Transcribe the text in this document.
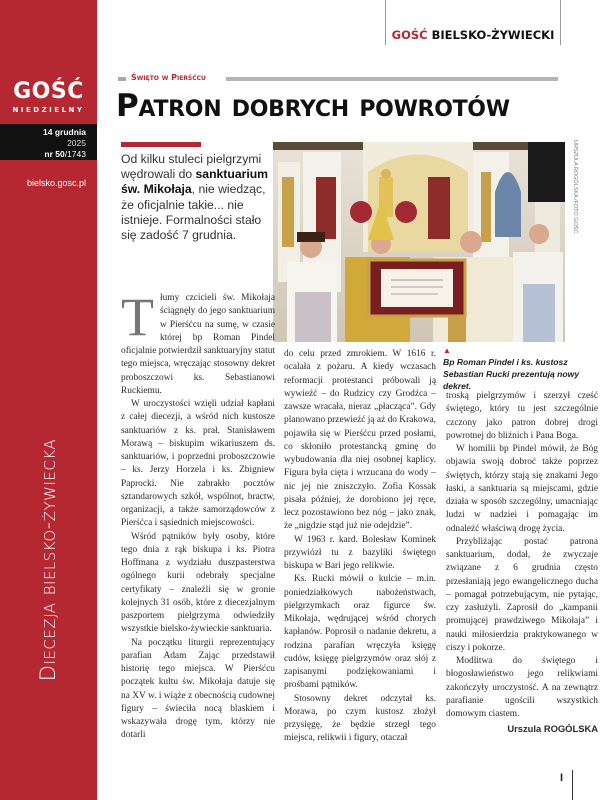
GOŚĆ
NIEDZIELNY
14 grudnia
2025
nr 50/1743
bielsko.gosc.pl
Diecezja bielsko-żywiecka
GOŚĆ BIELSKO-ŻYWIECKI
Święto w Pierśćcu
Patron dobrych powrotów
Od kilku stuleci pielgrzymi wędrowali do sanktuarium św. Mikołaja, nie wiedząc, że oficjalnie takie... nie istnieje. Formalności stało się zadość 7 grudnia.
URSZULA ROGÓLSKA /FOTO GOŚĆ
▲
Bp Roman Pindel i ks. kustosz Sebastian Rucki prezentują nowy dekret.
T łumy czcicieli św. Mikołaja ściągnęły do jego sanktuarium w Pierśćcu na sumę, w czasie której bp Roman Pindel oficjalnie potwierdził sanktuaryjny statut tego miejsca, wręczając stosowny dekret proboszczowi ks. Sebastianowi Ruckiemu.

W uroczystości wzięli udział kapłani z całej diecezji, a wśród nich kustosze sanktuariów z ks. prał. Stanisławem Morawą – biskupim wikariuszem ds. sanktuariów, i poprzedni proboszczowie – ks. Jerzy Horzela i ks. Zbigniew Paprocki. Nie zabrakło pocztów sztandarowych szkół, wspólnot, bractw, organizacji, a także samorządowców z Pierśćca i sąsiednich miejscowości.

Wśród pątników były osoby, które tego dnia z rąk biskupa i ks. Piotra Hoffmana z wydziału duszpasterstwa ogólnego kurii odebrały specjalne certyfikaty – znaleźli się w gronie kolejnych 31 osób, które z diecezjalnym paszportem pielgrzyma odwiedziły wszystkie bielsko-żywieckie sanktuaria.

Na początku liturgii reprezentujący parafian Adam Zając przedstawił historię tego miejsca. W Pierśćcu początek kultu św. Mikołaja datuje się na XV w. i wiąże z obecnością cudownej figury – świeciła nocą blaskiem i wskazywała drogę tym, którzy nie dotarli

do celu przed zmrokiem. W 1616 r. ocalała z pożaru. A kiedy wczasach reformacji protestanci próbowali ją wywieźć – do Rudzicy czy Grodźca – zawsze wracała, nieraz „płacząca”. Gdy planowano przewieźć ją aż do Krakowa, pojawiła się w Pierśćcu przed posłami, co skłoniło protestancką gminę do wybudowania dla niej osobnej kaplicy. Figura była cięta i wrzucana do wody – nic jej nie zniszczyło. Zofia Kossak pisała później, że dorobiono jej ręce, lecz pozostawiono bez nóg – jako znak, że „nigdzie stąd już nie odejdzie”.

W 1963 r. kard. Bolesław Kominek przywiózł tu z bazyliki świętego biskupa w Bari jego relikwie.

Ks. Rucki mówił o kulcie – m.in. poniedziałkowych nabożeństwach, pielgrzymkach oraz figurce św. Mikołaja, wędrującej wśród chorych kapłanów. Poprosił o nadanie dekretu, a rodzina parafian wręczyła księgę cudów, księgę pielgrzymów oraz słój z zapisanymi podziękowaniami i prośbami pątników.

Stosowny dekret odczytał ks. Morawa, po czym kustosz złożył przysięgę, że będzie strzegł tego miejsca, relikwii i figury, otaczał

troską pielgrzymów i szerzył cześć świętego, który tu jest szczególnie czczony jako patron dobrej drogi powrotnej do bliźnich i Pana Boga.

W homilii bp Pindel mówił, że Bóg objawia swoją dobroć także poprzez świętych, którzy stają się znakami Jego łaski, a sanktuaria są miejscami, gdzie działa w sposób szczególny, umacniając ludzi w nadziei i pomagając im odnaleźć właściwą drogę życia.

Przybliżając postać patrona sanktuarium, dodał, że zwyczaje związane z 6 grudnia często przesłaniają jego ewangelicznego ducha – pomagał potrzebującym, nie pytając, czy zasłużyli. Zaprosił do „kampanii promującej prawdziwego Mikołaja” i nauki miłosierdzia praktykowanego w ciszy i pokorze.

Modlitwa do świętego i błogosławieństwo jego relikwiami zakończyły uroczystość. A na zewnątrz parafianie ugościli wszystkich domowym ciastem.

Urszula ROGÓLSKA
I
